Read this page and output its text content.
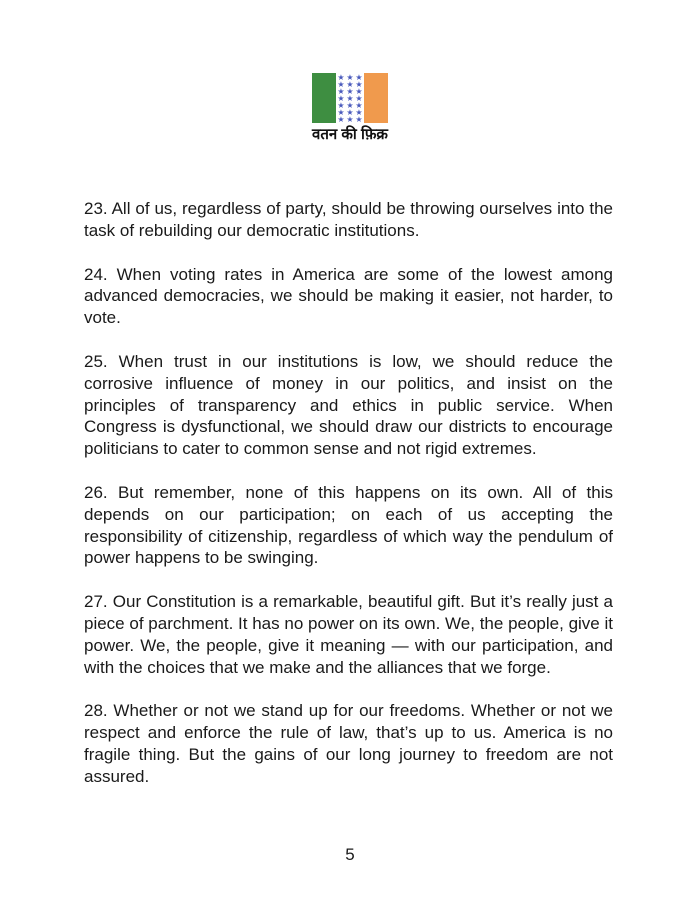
★ ★ ★
★ ★ ★
★ ★ ★
★ ★ ★
★ ★ ★
★ ★ ★
★ ★ ★
वतन की फ़िक्र

23. All of us, regardless of party, should be throwing ourselves into the task of rebuilding our democratic institutions.

24. When voting rates in America are some of the lowest among advanced democracies, we should be making it easier, not harder, to vote.

25. When trust in our institutions is low, we should reduce the corrosive influence of money in our politics, and insist on the principles of transparency and ethics in public service. When Congress is dysfunctional, we should draw our districts to encourage politicians to cater to common sense and not rigid extremes.

26. But remember, none of this happens on its own. All of this depends on our participation; on each of us accepting the responsibility of citizenship, regardless of which way the pendulum of power happens to be swinging.

27. Our Constitution is a remarkable, beautiful gift. But it’s really just a piece of parchment. It has no power on its own. We, the people, give it power. We, the people, give it meaning — with our participation, and with the choices that we make and the alliances that we forge.

28. Whether or not we stand up for our freedoms. Whether or not we respect and enforce the rule of law, that’s up to us. America is no fragile thing. But the gains of our long journey to freedom are not assured.

5
